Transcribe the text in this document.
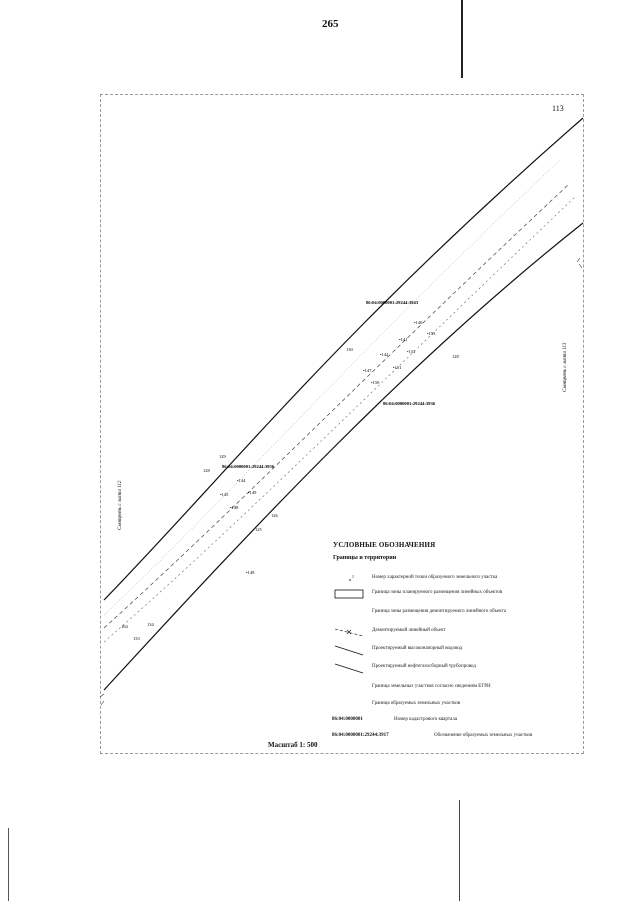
265
113
130
128
129
128
134
133
164
126
125
•149
•153
•140
•141
•152
•142
•151
•147
•150
•144
•145	•149
•148
86:04:0000001:29244:3943
86:04:0000001:29244:3936
86:04:0000001:29244:3956
Смотреть с листа 113
Смотреть с листа 112
УСЛОВНЫЕ ОБОЗНАЧЕНИЯ
Границы и территории
1	Номер характерной точки образуемого земельного участка
Граница зоны планируемого размещения линейных объектов
Граница зоны размещения демонтируемого линейного объекта
Демонтируемый линейный объект
Проектируемый высоконапорный водовод
Проектируемый нефтегазосборный трубопровод
Граница земельных участков согласно сведениям ЕГРН
Граница образуемых земельных участков
86:04:0000001	Номер кадастрового квартала
86:04:0000001:29244:3917	Обозначение образуемых земельных участков
Масштаб 1: 500
